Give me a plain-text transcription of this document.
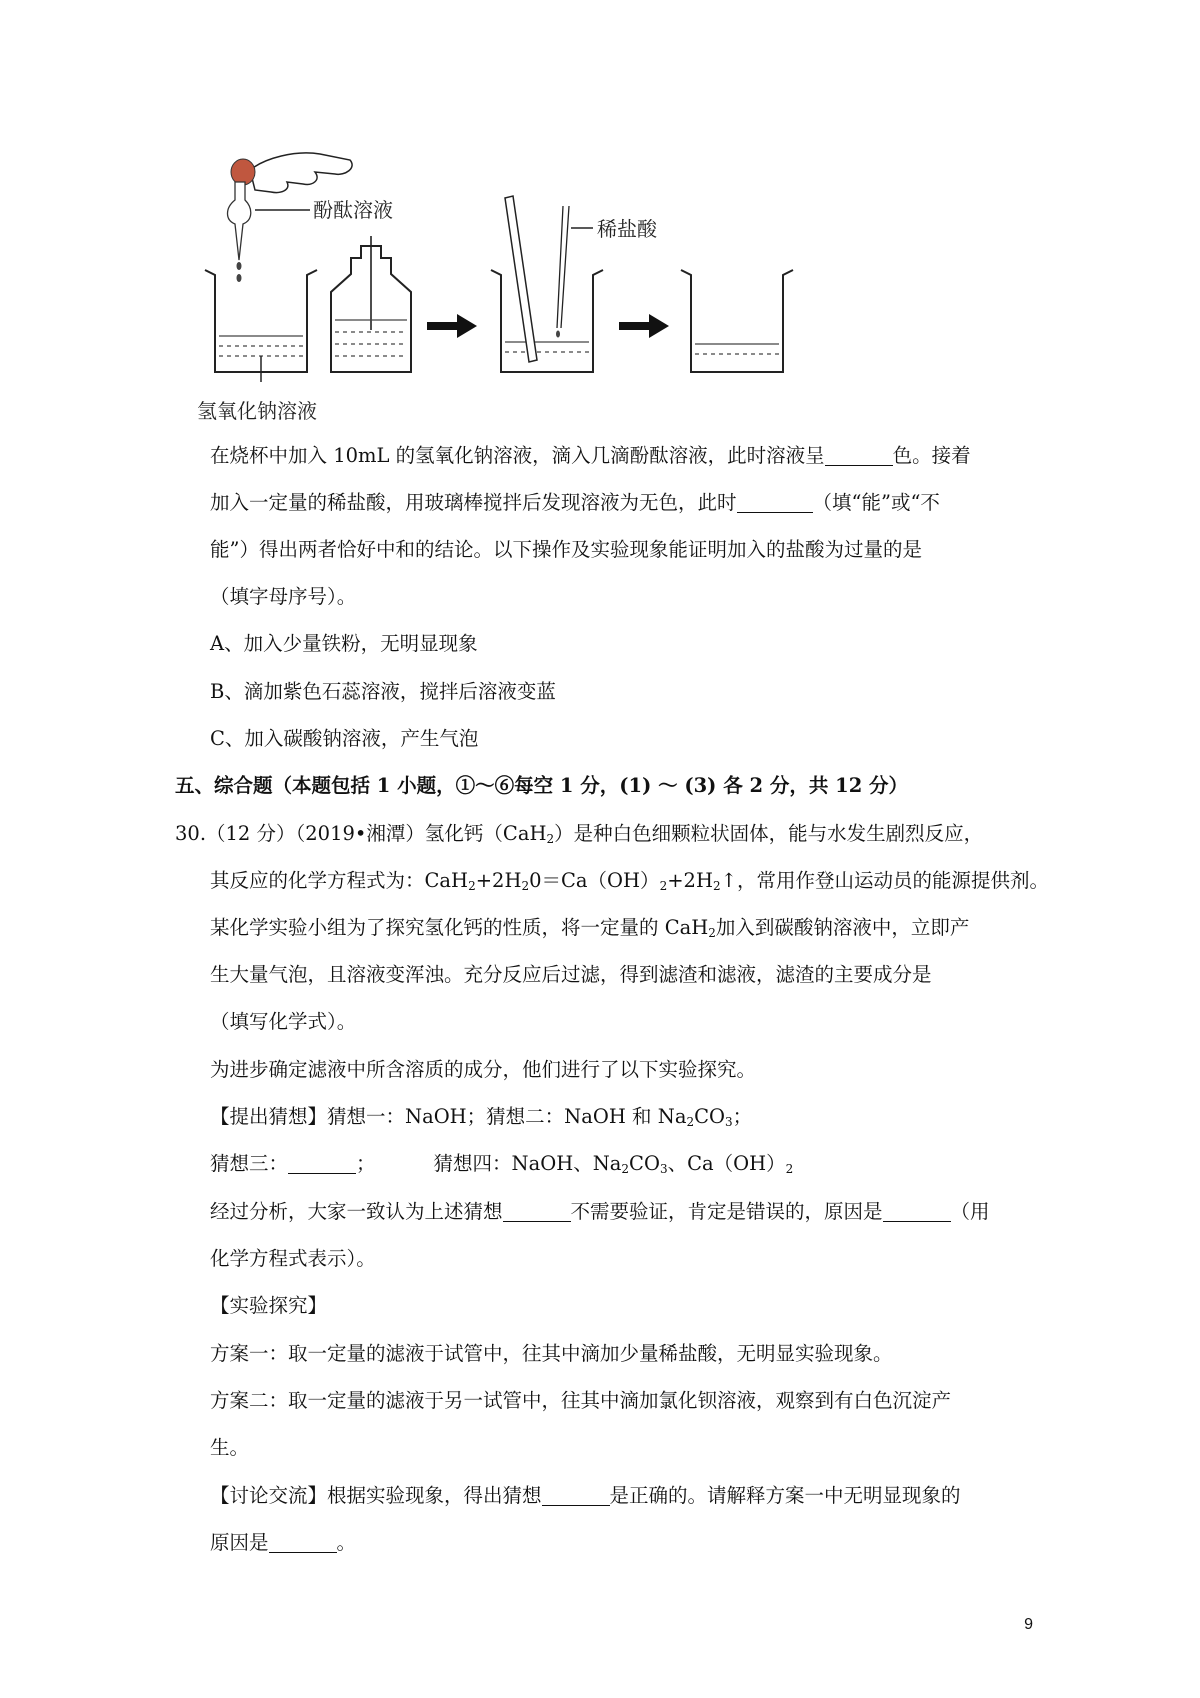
酚酞溶液
氢氧化钠溶液
稀盐酸
在烧杯中加入 10mL 的氢氧化钠溶液，滴入几滴酚酞溶液，此时溶液呈	色。接着
加入一定量的稀盐酸，用玻璃棒搅拌后发现溶液为无色，此时	（填“能”或“不
能”）得出两者恰好中和的结论。以下操作及实验现象能证明加入的盐酸为过量的是
（填字母序号）。
A、加入少量铁粉，无明显现象
B、滴加紫色石蕊溶液，搅拌后溶液变蓝
C、加入碳酸钠溶液，产生气泡
五、综合题（本题包括 1 小题，①～⑥每空 1 分，(1) ～ (3) 各 2 分，共 12 分）
30.（12 分）（2019•湘潭）氢化钙（CaH$_2$）是种白色细颗粒状固体，能与水发生剧烈反应，
其反应的化学方程式为：$CaH_2+2H_20=Ca(OH)_2+2H_2↑$，常用作登山运动员的能源提供剂。
某化学实验小组为了探究氢化钙的性质，将一定量的 CaH$_2$加入到碳酸钠溶液中，立即产
生大量气泡，且溶液变浑浊。充分反应后过滤，得到滤渣和滤液，滤渣的主要成分是
（填写化学式）。
为进步确定滤液中所含溶质的成分，他们进行了以下实验探究。
【提出猜想】猜想一：NaOH；猜想二：NaOH 和 $Na_2CO_3$；
猜想三：	；	猜想四：NaOH、$Na_2CO_3$、$Ca(OH)_2$
经过分析，大家一致认为上述猜想	不需要验证，肯定是错误的，原因是	（用
化学方程式表示）。
【实验探究】
方案一：取一定量的滤液于试管中，往其中滴加少量稀盐酸，无明显实验现象。
方案二：取一定量的滤液于另一试管中，往其中滴加氯化钡溶液，观察到有白色沉淀产
生。
【讨论交流】根据实验现象，得出猜想	是正确的。请解释方案一中无明显现象的
原因是	。
9
